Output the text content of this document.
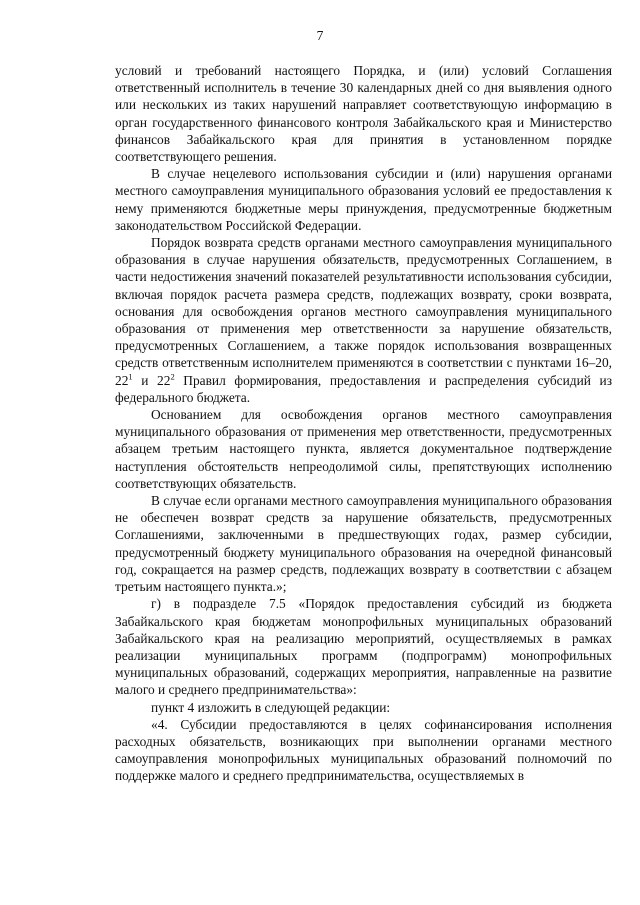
7

условий и требований настоящего Порядка, и (или) условий Соглашения ответственный исполнитель в течение 30 календарных дней со дня выявления одного или нескольких из таких нарушений направляет соответствующую информацию в орган государственного финансового контроля Забайкальского края и Министерство финансов Забайкальского края для принятия в установленном порядке соответствующего решения.

В случае нецелевого использования субсидии и (или) нарушения органами местного самоуправления муниципального образования условий ее предоставления к нему применяются бюджетные меры принуждения, предусмотренные бюджетным законодательством Российской Федерации.

Порядок возврата средств органами местного самоуправления муниципального образования в случае нарушения обязательств, предусмотренных Соглашением, в части недостижения значений показателей результативности использования субсидии, включая порядок расчета размера средств, подлежащих возврату, сроки возврата, основания для освобождения органов местного самоуправления муниципального образования от применения мер ответственности за нарушение обязательств, предусмотренных Соглашением, а также порядок использования возвращенных средств ответственным исполнителем применяются в соответствии с пунктами 16–20, $22^1$ и $22^2$ Правил формирования, предоставления и распределения субсидий из федерального бюджета.

Основанием для освобождения органов местного самоуправления муниципального образования от применения мер ответственности, предусмотренных абзацем третьим настоящего пункта, является документальное подтверждение наступления обстоятельств непреодолимой силы, препятствующих исполнению соответствующих обязательств.

В случае если органами местного самоуправления муниципального образования не обеспечен возврат средств за нарушение обязательств, предусмотренных Соглашениями, заключенными в предшествующих годах, размер субсидии, предусмотренный бюджету муниципального образования на очередной финансовый год, сокращается на размер средств, подлежащих возврату в соответствии с абзацем третьим настоящего пункта.»;

г) в подразделе 7.5 «Порядок предоставления субсидий из бюджета Забайкальского края бюджетам монопрофильных муниципальных образований Забайкальского края на реализацию мероприятий, осуществляемых в рамках реализации муниципальных программ (подпрограмм) монопрофильных муниципальных образований, содержащих мероприятия, направленные на развитие малого и среднего предпринимательства»:

пункт 4 изложить в следующей редакции:

«4. Субсидии предоставляются в целях софинансирования исполнения расходных обязательств, возникающих при выполнении органами местного самоуправления монопрофильных муниципальных образований полномочий по поддержке малого и среднего предпринимательства, осуществляемых в
